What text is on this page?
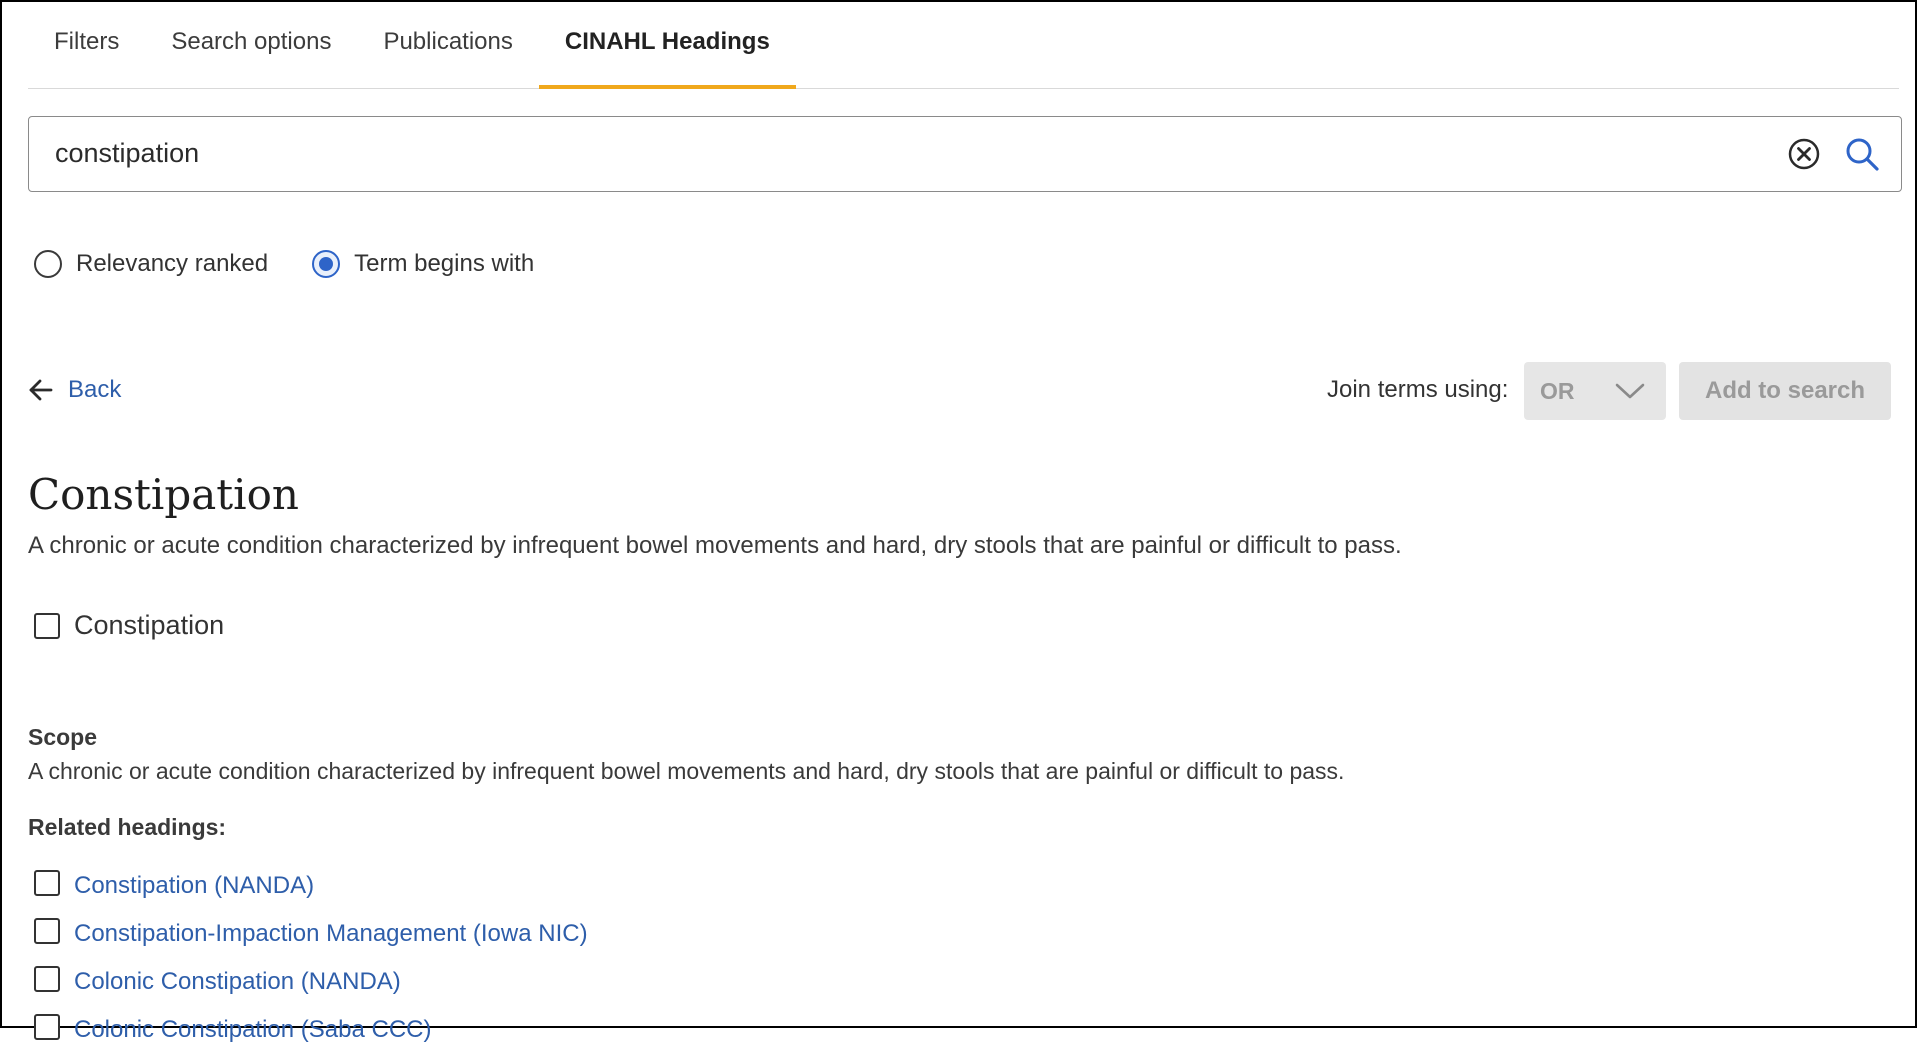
Filters	Search options	Publications	CINAHL Headings
constipation
Relevancy ranked	Term begins with
Back	Join terms using: OR	Add to search
Constipation
A chronic or acute condition characterized by infrequent bowel movements and hard, dry stools that are painful or difficult to pass.
Constipation
Scope
A chronic or acute condition characterized by infrequent bowel movements and hard, dry stools that are painful or difficult to pass.
Related headings:
Constipation (NANDA)
Constipation-Impaction Management (Iowa NIC)
Colonic Constipation (NANDA)
Colonic Constipation (Saba CCC)
